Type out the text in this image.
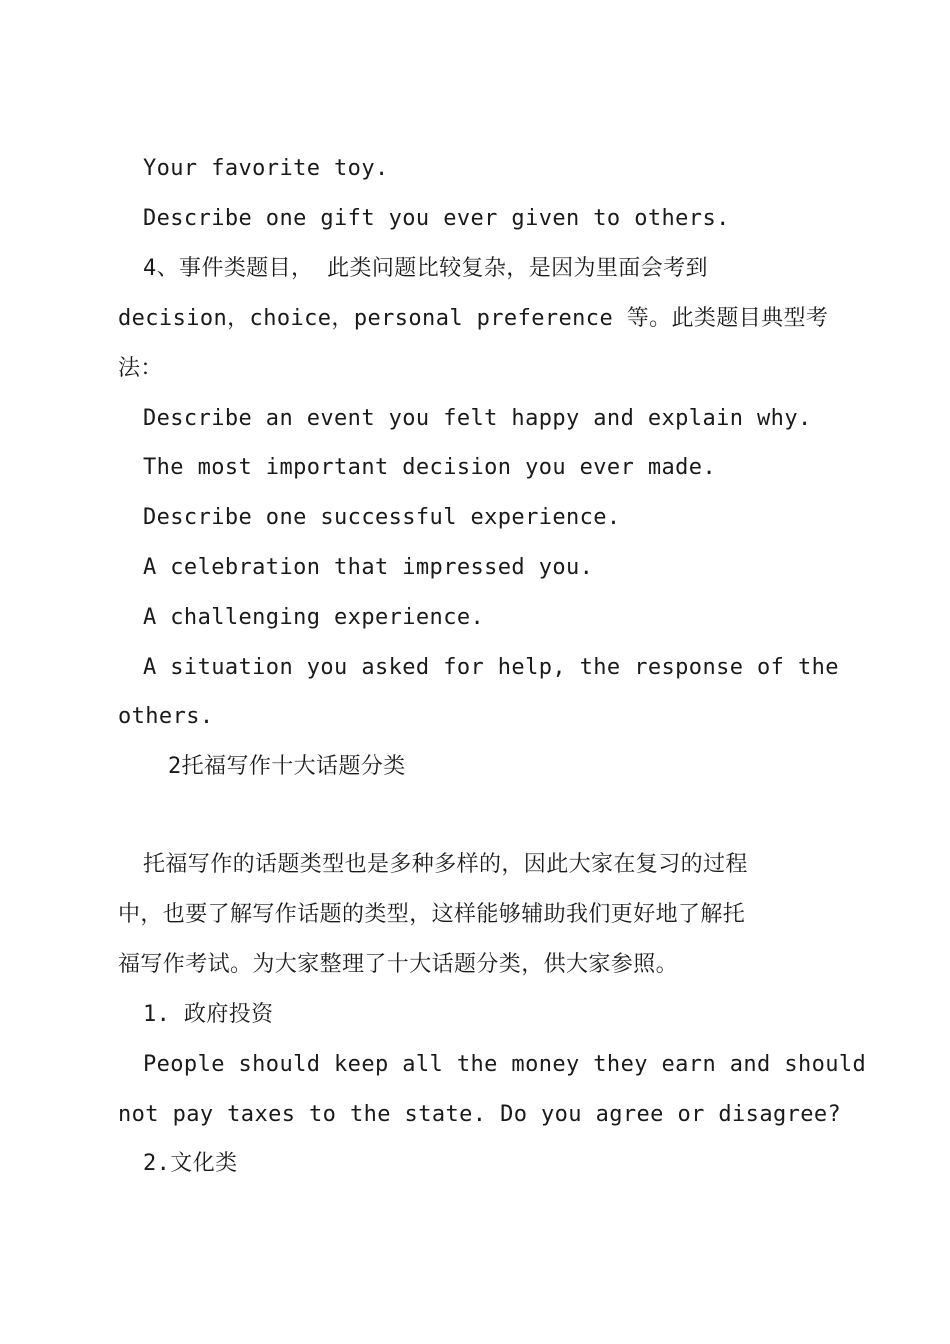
Your favorite toy.
Describe one gift you ever given to others.
4、事件类题目， 此类问题比较复杂，是因为里面会考到
decision，choice，personal preference 等。此类题目典型考
法：
Describe an event you felt happy and explain why.
The most important decision you ever made.
Describe one successful experience.
A celebration that impressed you.
A challenging experience.
A situation you asked for help, the response of the
others.
2托福写作十大话题分类
托福写作的话题类型也是多种多样的，因此大家在复习的过程
中，也要了解写作话题的类型，这样能够辅助我们更好地了解托
福写作考试。为大家整理了十大话题分类，供大家参照。
1. 政府投资
People should keep all the money they earn and should
not pay taxes to the state. Do you agree or disagree?
2.文化类
